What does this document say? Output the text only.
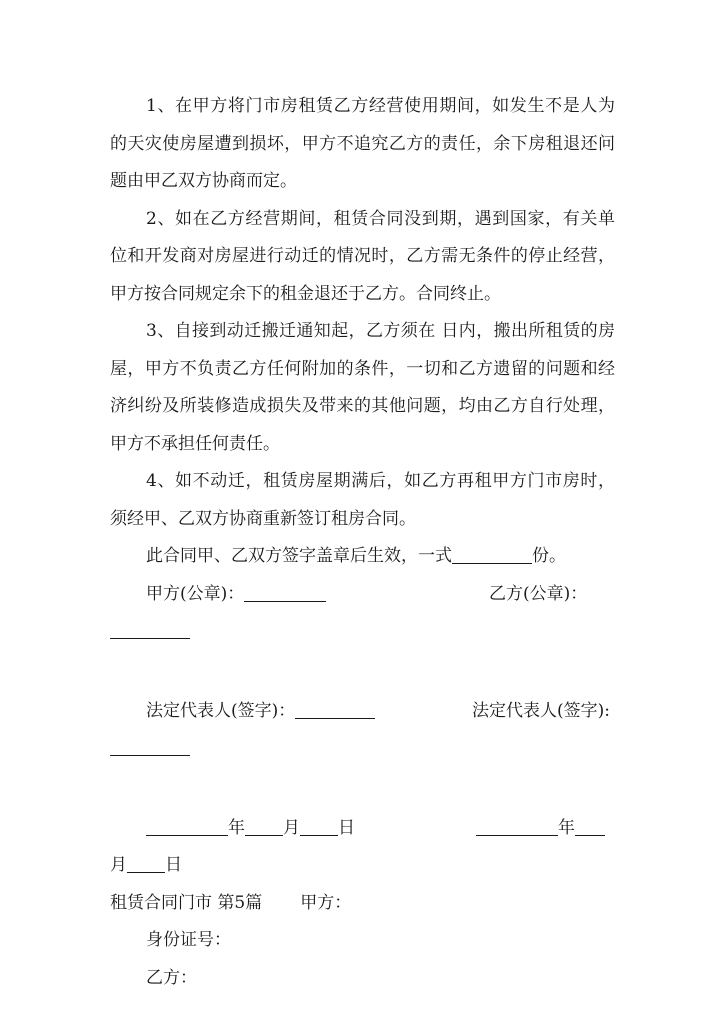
1、在甲方将门市房租赁乙方经营使用期间，如发生不是人为的天灾使房屋遭到损坏，甲方不追究乙方的责任，余下房租退还问题由甲乙双方协商而定。

2、如在乙方经营期间，租赁合同没到期，遇到国家，有关单位和开发商对房屋进行动迁的情况时，乙方需无条件的停止经营，甲方按合同规定余下的租金退还于乙方。合同终止。

3、自接到动迁搬迁通知起，乙方须在 日内，搬出所租赁的房屋，甲方不负责乙方任何附加的条件，一切和乙方遗留的问题和经济纠纷及所装修造成损失及带来的其他问题，均由乙方自行处理，甲方不承担任何责任。

4、如不动迁，租赁房屋期满后，如乙方再租甲方门市房时，须经甲、乙双方协商重新签订租房合同。

此合同甲、乙双方签字盖章后生效，一式	份。
甲方(公章)：	乙方(公章)：
法定代表人(签字)：	法定代表人(签字):
年 月 日	年
月 日
租赁合同门市 第5篇 甲方：
身份证号：
乙方：
